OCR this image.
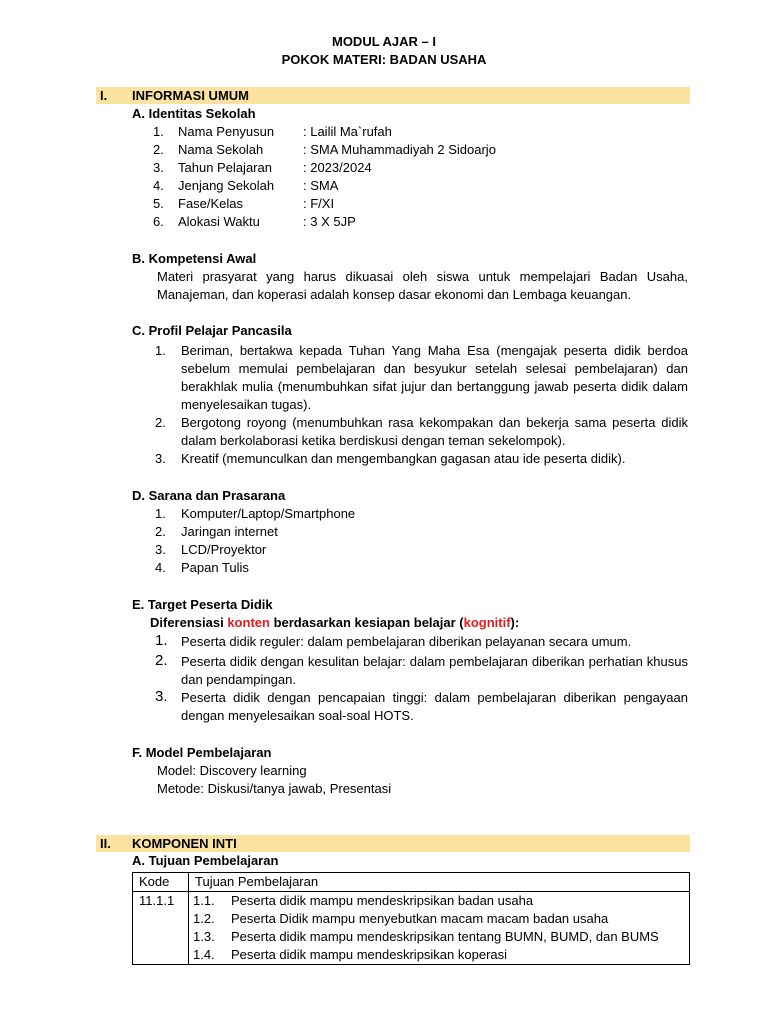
MODUL AJAR – I
POKOK MATERI: BADAN USAHA
I. INFORMASI UMUM
A. Identitas Sekolah
1. Nama Penyusun : Lailil Ma`rufah
2. Nama Sekolah	: SMA Muhammadiyah 2 Sidoarjo
3. Tahun Pelajaran : 2023/2024
4. Jenjang Sekolah : SMA
5. Fase/Kelas	: F/XI
6. Alokasi Waktu	: 3 X 5JP
B. Kompetensi Awal
Materi prasyarat yang harus dikuasai oleh siswa untuk mempelajari Badan Usaha, Manajeman, dan koperasi adalah konsep dasar ekonomi dan Lembaga keuangan.
C. Profil Pelajar Pancasila
1. Beriman, bertakwa kepada Tuhan Yang Maha Esa (mengajak peserta didik berdoa sebelum memulai pembelajaran dan besyukur setelah selesai pembelajaran) dan berakhlak mulia (menumbuhkan sifat jujur dan bertanggung jawab peserta didik dalam menyelesaikan tugas).
2. Bergotong royong (menumbuhkan rasa kekompakan dan bekerja sama peserta didik dalam berkolaborasi ketika berdiskusi dengan teman sekelompok).
3. Kreatif (memunculkan dan mengembangkan gagasan atau ide peserta didik).
D. Sarana dan Prasarana
1. Komputer/Laptop/Smartphone
2. Jaringan internet
3. LCD/Proyektor
4. Papan Tulis
E. Target Peserta Didik
Diferensiasi konten berdasarkan kesiapan belajar (kognitif):
1. Peserta didik reguler: dalam pembelajaran diberikan pelayanan secara umum.
2. Peserta didik dengan kesulitan belajar: dalam pembelajaran diberikan perhatian khusus dan pendampingan.
3. Peserta didik dengan pencapaian tinggi: dalam pembelajaran diberikan pengayaan dengan menyelesaikan soal-soal HOTS.
F. Model Pembelajaran
Model: Discovery learning
Metode: Diskusi/tanya jawab, Presentasi
II. KOMPONEN INTI
A. Tujuan Pembelajaran
Kode	Tujuan Pembelajaran
11.1.1	1.1. Peserta didik mampu mendeskripsikan badan usaha
1.2. Peserta Didik mampu menyebutkan macam macam badan usaha
1.3. Peserta didik mampu mendeskripsikan tentang BUMN, BUMD, dan BUMS
1.4. Peserta didik mampu mendeskripsikan koperasi
